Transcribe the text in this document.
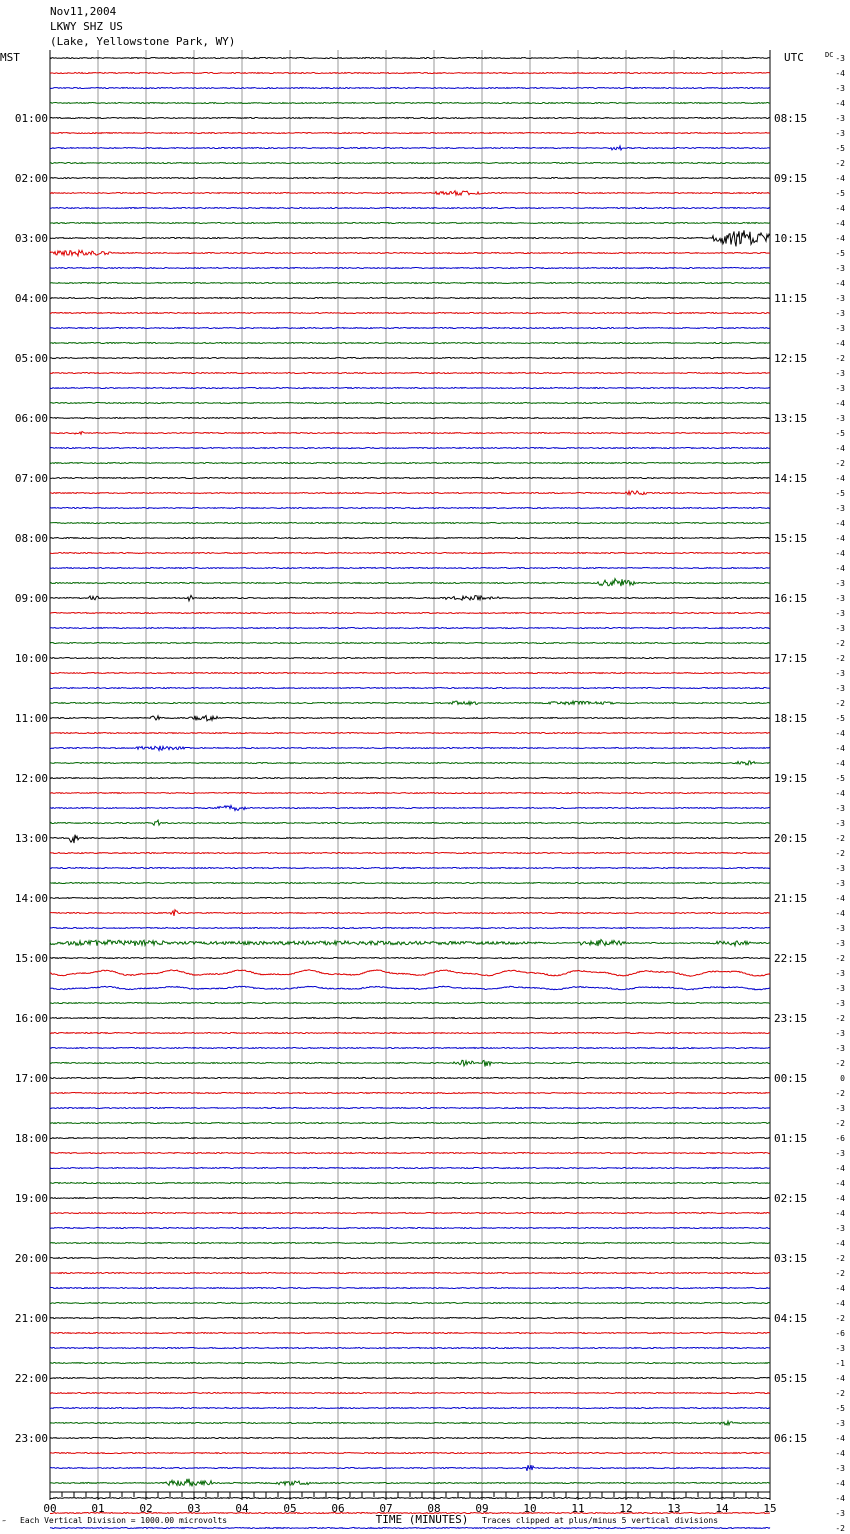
Nov11,2004
LKWY SHZ US
(Lake, Yellowstone Park, WY)
-3
-4
-3
-4
-3
-3
-5
-2
-4
-5
-4
-4
-4
-5
-3
-4
-3
-3
-3
-4
-2
-3
-3
-4
-3
-5
-4
-2
-4
-5
-3
-4
-4
-4
-4
-3
-3
-3
-3
-2
-2
-3
-3
-2
-5
-4
-4
-4
-5
-4
-3
-3
-2
-2
-3
-3
-4
-4
-3
-3
-2
-3
-3
-3
-2
-3
-3
-2
0
-2
-3
-2
-6
-3
-4
-4
-4
-4
-3
-4
-2
-2
-4
-4
-2
-6
-3
-1
-4
-2
-5
-3
-4
-4
-3
-4
-4
-3
-2
MST	UTC	DC
01:00
02:00
03:00
04:00
05:00
06:00
07:00
08:00
09:00
10:00
11:00
12:00
13:00
14:00
15:00
16:00
17:00
18:00
19:00
20:00
21:00
22:00
23:00
08:15
09:15
10:15
11:15
12:15
13:15
14:15
15:15
16:15
17:15
18:15
19:15
20:15
21:15
22:15
23:15
00:15
01:15
02:15
03:15
04:15
05:15
06:15
00	01	02	03	04	05	06	07	08	09	10	11	12	13	14	15
TIME (MINUTES)
Each Vertical Division = 1000.00 microvolts	Traces clipped at plus/minus 5 vertical divisions
‴
